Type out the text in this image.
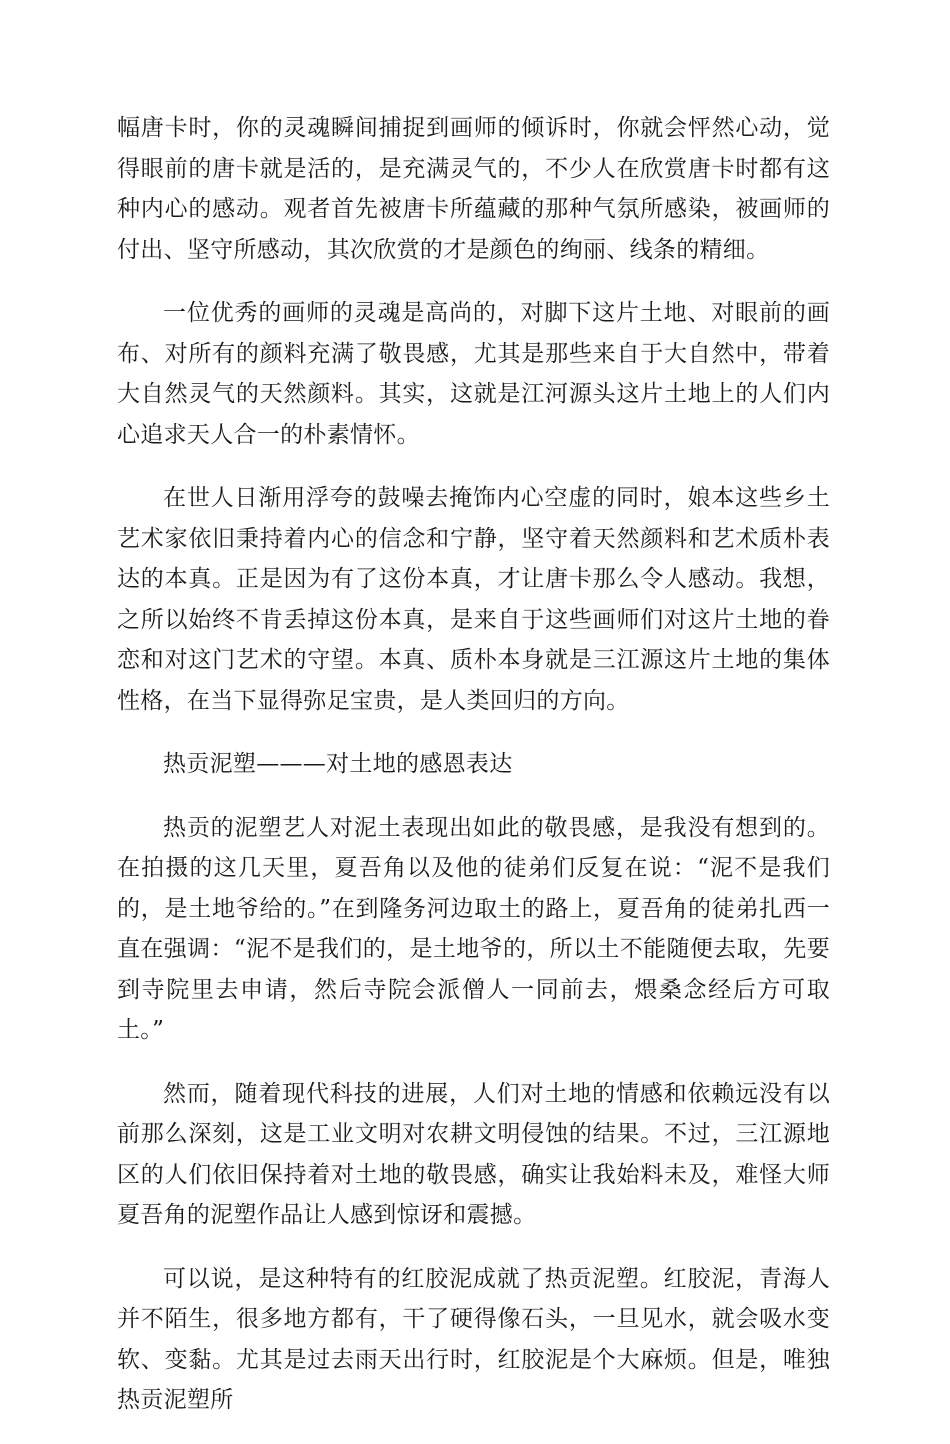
幅唐卡时，你的灵魂瞬间捕捉到画师的倾诉时，你就会怦然心动，觉得眼前的唐卡就是活的，是充满灵气的，不少人在欣赏唐卡时都有这种内心的感动。观者首先被唐卡所蕴藏的那种气氛所感染，被画师的付出、坚守所感动，其次欣赏的才是颜色的绚丽、线条的精细。

一位优秀的画师的灵魂是高尚的，对脚下这片土地、对眼前的画布、对所有的颜料充满了敬畏感，尤其是那些来自于大自然中，带着大自然灵气的天然颜料。其实，这就是江河源头这片土地上的人们内心追求天人合一的朴素情怀。

在世人日渐用浮夸的鼓噪去掩饰内心空虚的同时，娘本这些乡土艺术家依旧秉持着内心的信念和宁静，坚守着天然颜料和艺术质朴表达的本真。正是因为有了这份本真，才让唐卡那么令人感动。我想，之所以始终不肯丢掉这份本真，是来自于这些画师们对这片土地的眷恋和对这门艺术的守望。本真、质朴本身就是三江源这片土地的集体性格，在当下显得弥足宝贵，是人类回归的方向。

热贡泥塑———对土地的感恩表达

热贡的泥塑艺人对泥土表现出如此的敬畏感，是我没有想到的。在拍摄的这几天里，夏吾角以及他的徒弟们反复在说：“泥不是我们的，是土地爷给的。”在到隆务河边取土的路上，夏吾角的徒弟扎西一直在强调：“泥不是我们的，是土地爷的，所以土不能随便去取，先要到寺院里去申请，然后寺院会派僧人一同前去，煨桑念经后方可取土。”

然而，随着现代科技的进展，人们对土地的情感和依赖远没有以前那么深刻，这是工业文明对农耕文明侵蚀的结果。不过，三江源地区的人们依旧保持着对土地的敬畏感，确实让我始料未及，难怪大师夏吾角的泥塑作品让人感到惊讶和震撼。

可以说，是这种特有的红胶泥成就了热贡泥塑。红胶泥，青海人并不陌生，很多地方都有，干了硬得像石头，一旦见水，就会吸水变软、变黏。尤其是过去雨天出行时，红胶泥是个大麻烦。但是，唯独热贡泥塑所
